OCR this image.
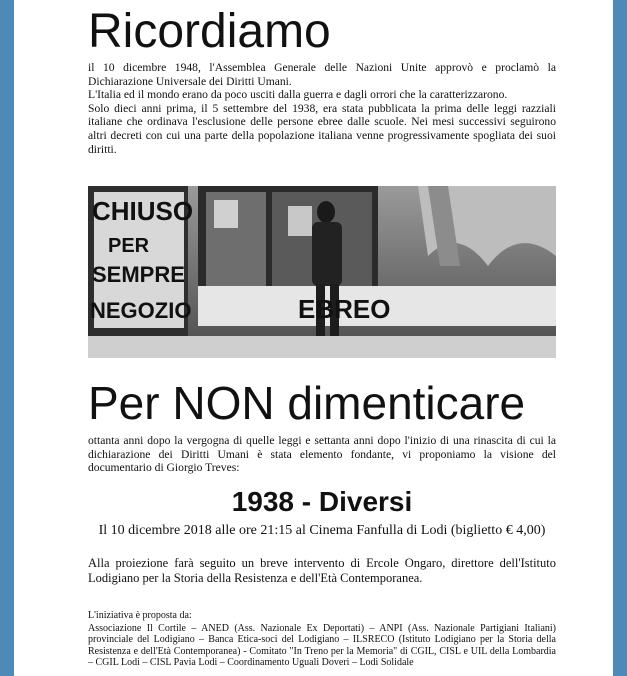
Ricordiamo

il 10 dicembre 1948, l'Assemblea Generale delle Nazioni Unite approvò e proclamò la Dichiarazione Universale dei Diritti Umani.

L'Italia ed il mondo erano da poco usciti dalla guerra e dagli orrori che la caratterizzarono.

Solo dieci anni prima, il 5 settembre del 1938, era stata pubblicata la prima delle leggi razziali italiane che ordinava l'esclusione delle persone ebree dalle scuole. Nei mesi successivi seguirono altri decreti con cui una parte della popolazione italiana venne progressivamente spogliata dei suoi diritti.

CHIUSO
PER
SEMPRE
NEGOZIO	EBREO
Per NON dimenticare

ottanta anni dopo la vergogna di quelle leggi e settanta anni dopo l'inizio di una rinascita di cui la dichiarazione dei Diritti Umani è stata elemento fondante, vi proponiamo la visione del documentario di Giorgio Treves:

1938 - Diversi

Il 10 dicembre 2018 alle ore 21:15 al Cinema Fanfulla di Lodi (biglietto € 4,00)

Alla proiezione farà seguito un breve intervento di Ercole Ongaro, direttore dell'Istituto Lodigiano per la Storia della Resistenza e dell'Età Contemporanea.

L'iniziativa è proposta da:

Associazione Il Cortile – ANED (Ass. Nazionale Ex Deportati) – ANPI (Ass. Nazionale Partigiani Italiani) provinciale del Lodigiano – Banca Etica-soci del Lodigiano – ILSRECO (Istituto Lodigiano per la Storia della Resistenza e dell'Età Contemporanea) - Comitato "In Treno per la Memoria" di CGIL, CISL e UIL della Lombardia – CGIL Lodi – CISL Pavia Lodi – Coordinamento Uguali Doveri – Lodi Solidale
